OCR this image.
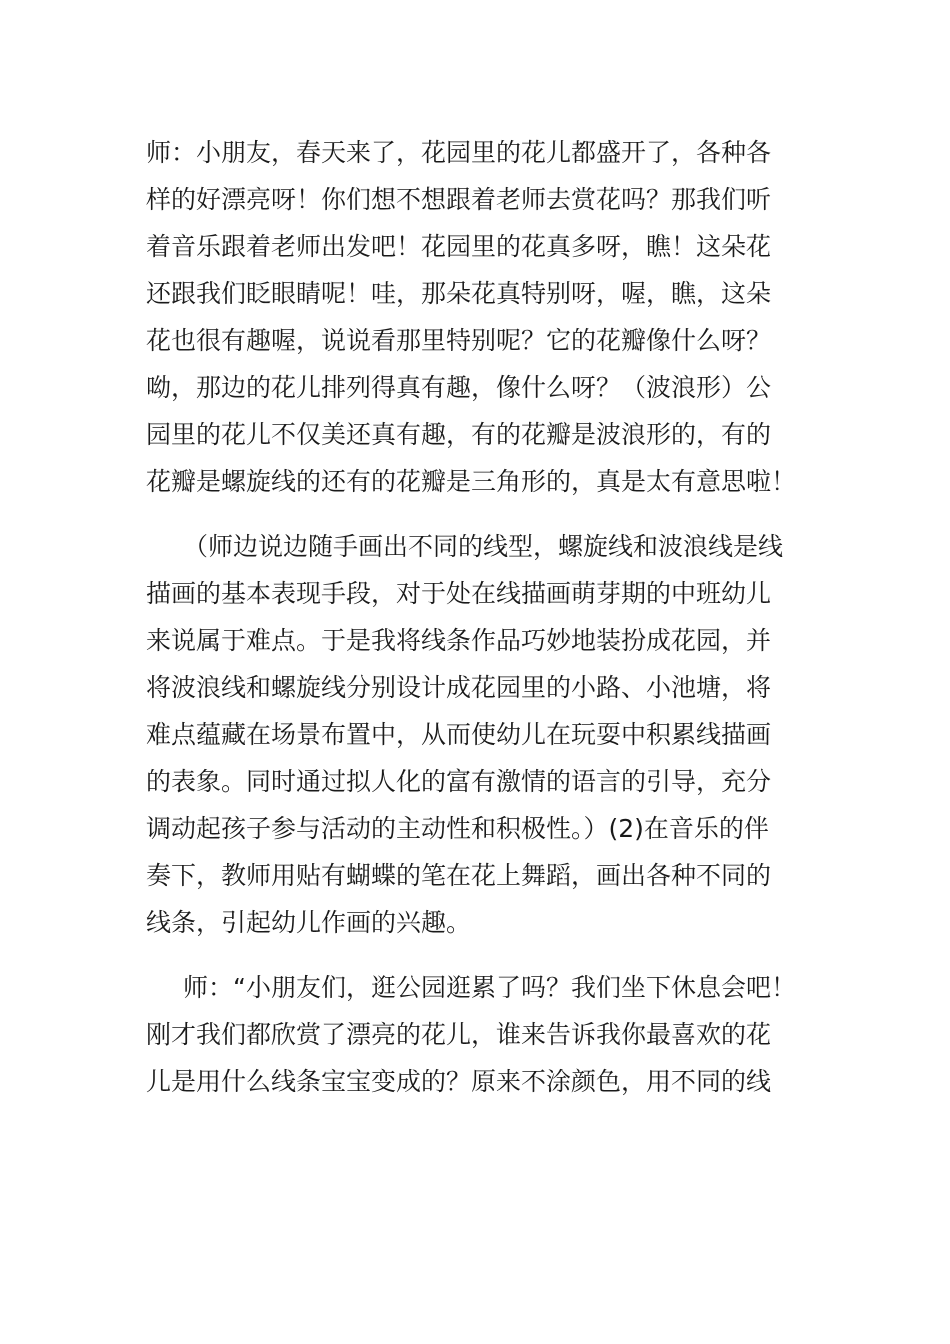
师：小朋友，春天来了，花园里的花儿都盛开了，各种各
样的好漂亮呀！你们想不想跟着老师去赏花吗？那我们听
着音乐跟着老师出发吧！花园里的花真多呀，瞧！这朵花
还跟我们眨眼睛呢！哇，那朵花真特别呀，喔，瞧，这朵
花也很有趣喔，说说看那里特别呢？它的花瓣像什么呀？
呦，那边的花儿排列得真有趣，像什么呀？（波浪形）公
园里的花儿不仅美还真有趣，有的花瓣是波浪形的，有的
花瓣是螺旋线的还有的花瓣是三角形的，真是太有意思啦！
（师边说边随手画出不同的线型，螺旋线和波浪线是线
描画的基本表现手段，对于处在线描画萌芽期的中班幼儿
来说属于难点。于是我将线条作品巧妙地装扮成花园，并
将波浪线和螺旋线分别设计成花园里的小路、小池塘，将
难点蕴藏在场景布置中，从而使幼儿在玩耍中积累线描画
的表象。同时通过拟人化的富有激情的语言的引导，充分
调动起孩子参与活动的主动性和积极性。）(2)在音乐的伴
奏下，教师用贴有蝴蝶的笔在花上舞蹈，画出各种不同的
线条，引起幼儿作画的兴趣。
师：“小朋友们，逛公园逛累了吗？我们坐下休息会吧！
刚才我们都欣赏了漂亮的花儿，谁来告诉我你最喜欢的花
儿是用什么线条宝宝变成的？原来不涂颜色，用不同的线
